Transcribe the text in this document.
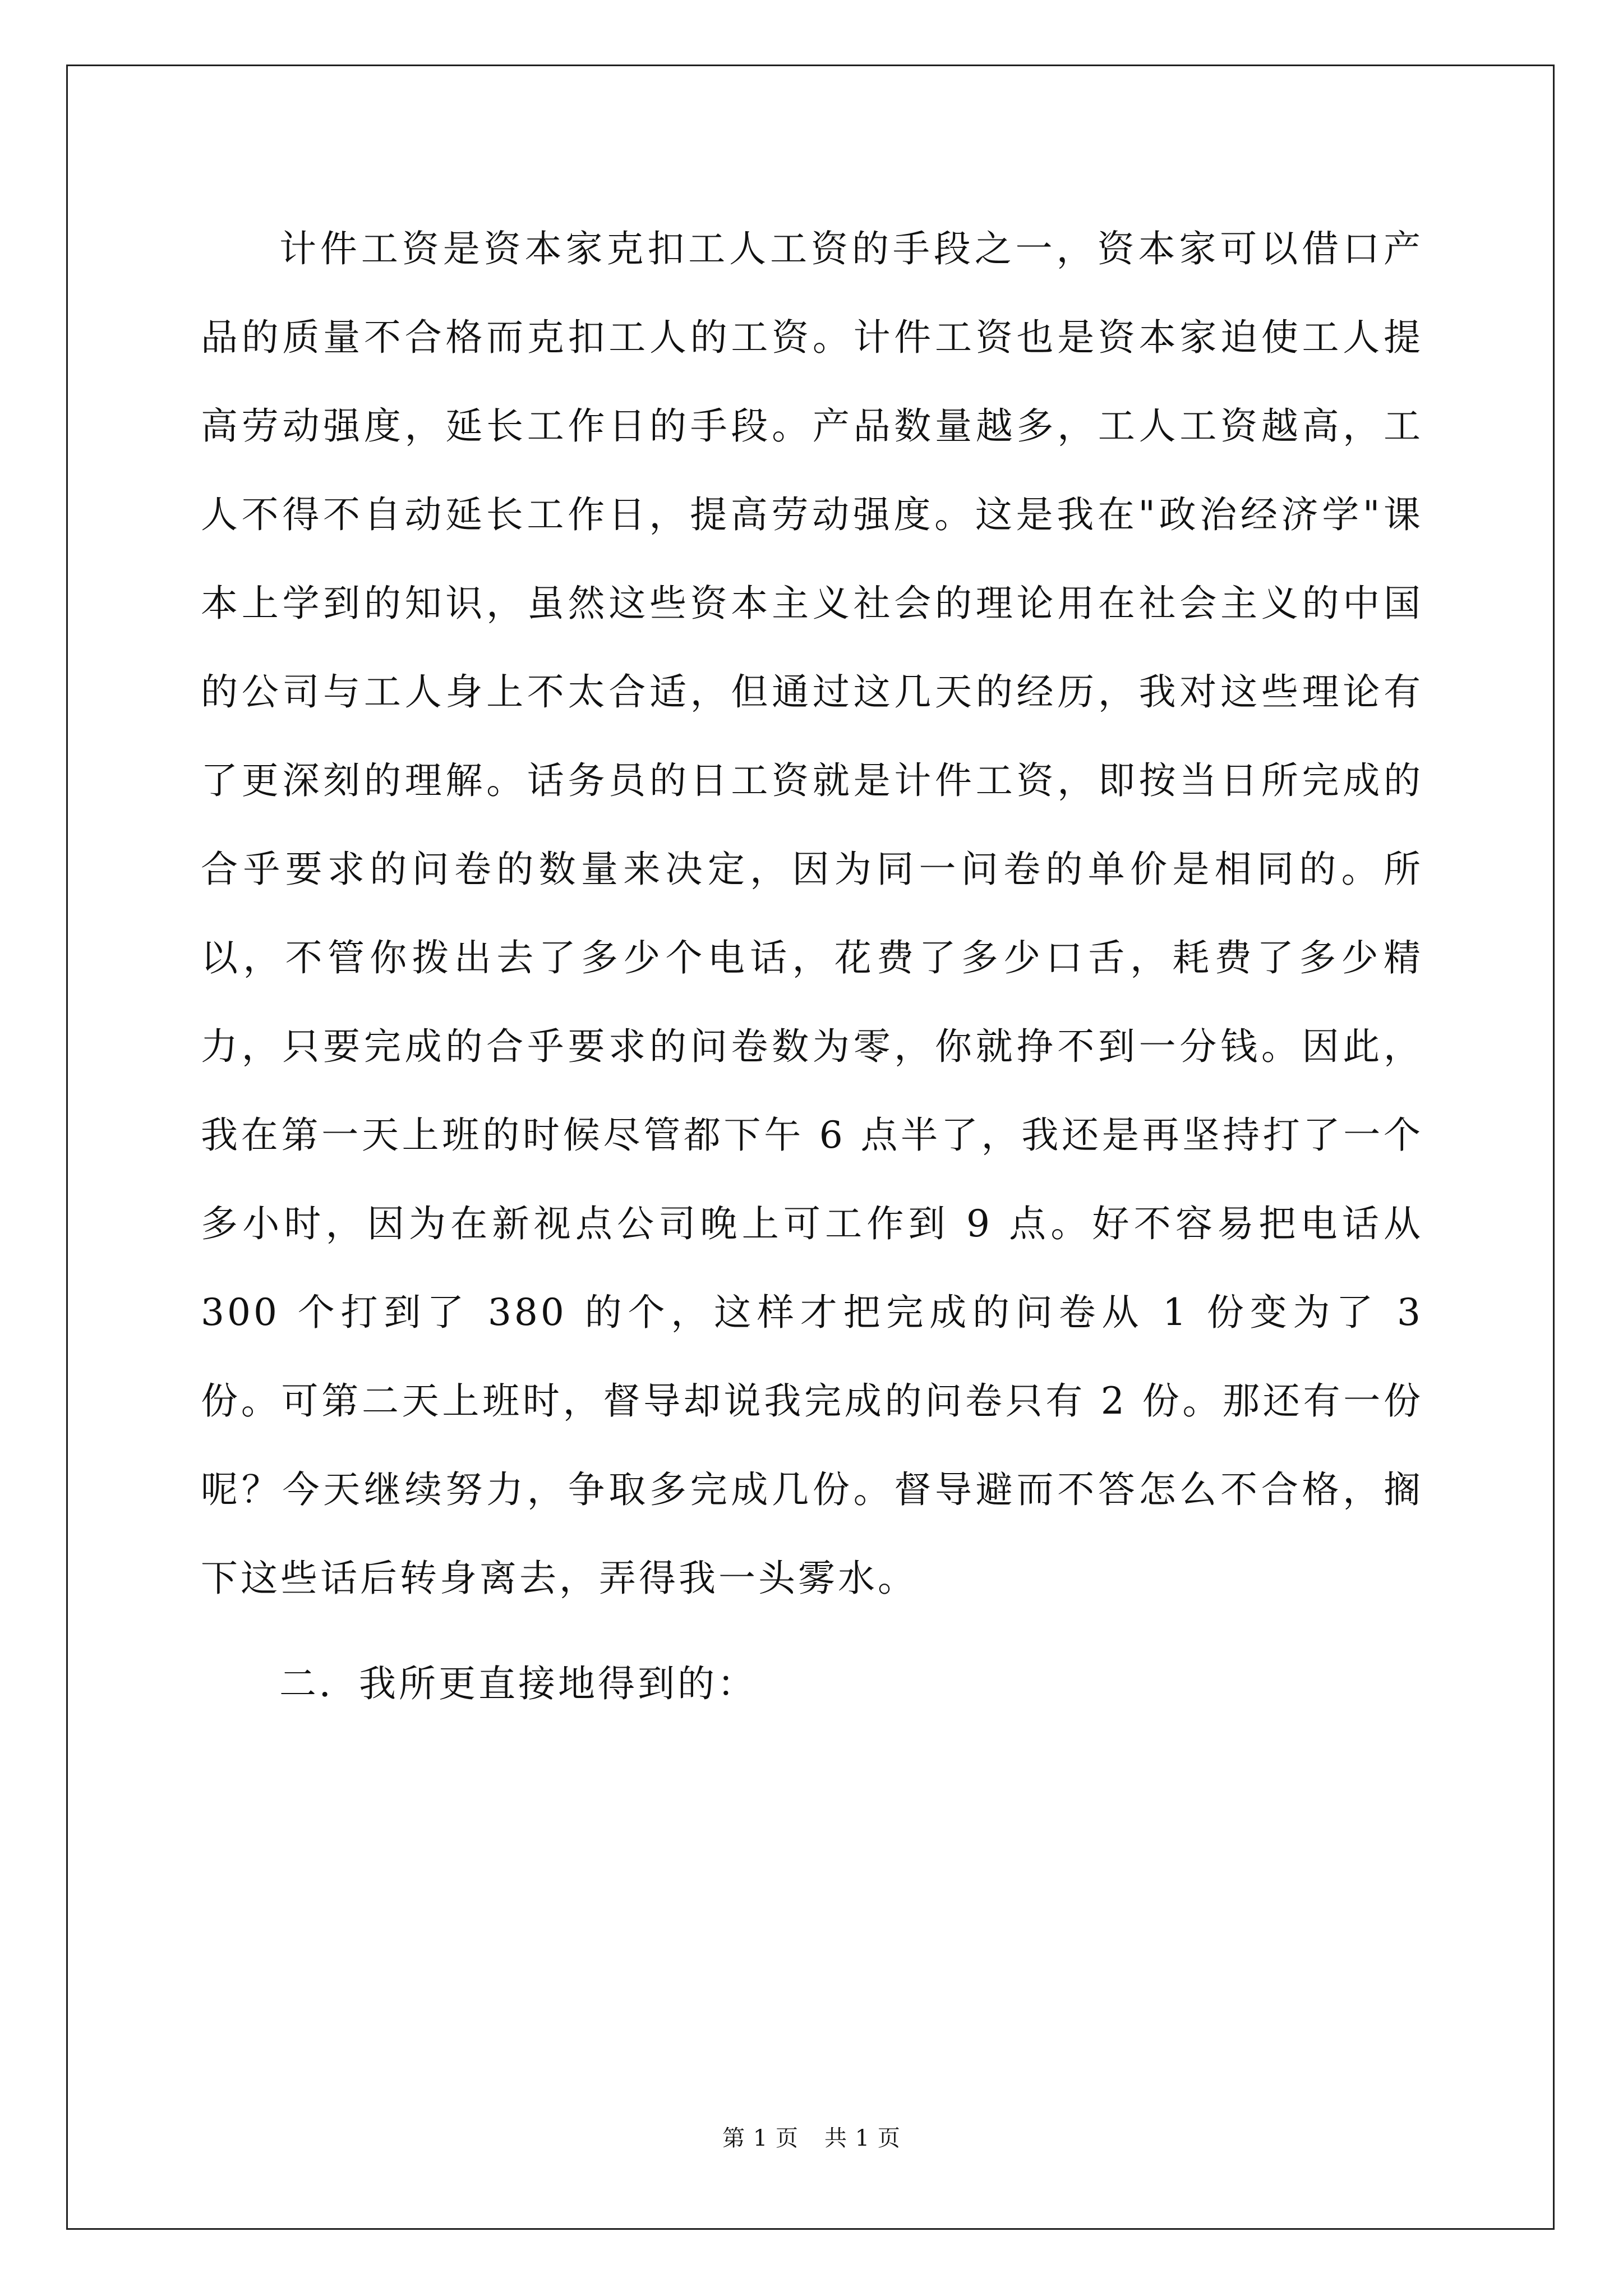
计件工资是资本家克扣工人工资的手段之一，资本家可以借口产品的质量不合格而克扣工人的工资。计件工资也是资本家迫使工人提高劳动强度，延长工作日的手段。产品数量越多，工人工资越高，工人不得不自动延长工作日，提高劳动强度。这是我在"政治经济学"课本上学到的知识，虽然这些资本主义社会的理论用在社会主义的中国的公司与工人身上不太合适，但通过这几天的经历，我对这些理论有了更深刻的理解。话务员的日工资就是计件工资，即按当日所完成的合乎要求的问卷的数量来决定，因为同一问卷的单价是相同的。所以，不管你拨出去了多少个电话，花费了多少口舌，耗费了多少精力，只要完成的合乎要求的问卷数为零，你就挣不到一分钱。因此，我在第一天上班的时候尽管都下午 6 点半了，我还是再坚持打了一个多小时，因为在新视点公司晚上可工作到 9 点。好不容易把电话从 300 个打到了 380 的个，这样才把完成的问卷从 1 份变为了 3 份。可第二天上班时，督导却说我完成的问卷只有 2 份。那还有一份呢？今天继续努力，争取多完成几份。督导避而不答怎么不合格，搁下这些话后转身离去，弄得我一头雾水。

二．我所更直接地得到的：

第 1 页 共 1 页
